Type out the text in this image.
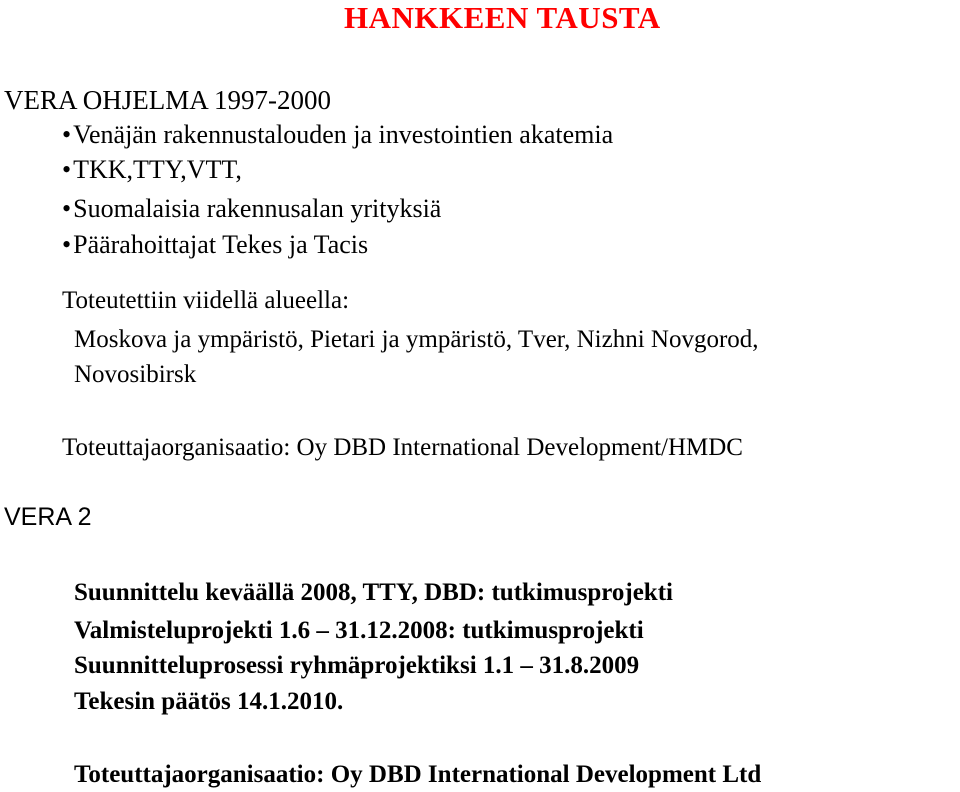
HANKKEEN TAUSTA
VERA OHJELMA 1997-2000
•Venäjän rakennustalouden ja investointien akatemia
•TKK,TTY,VTT,
•Suomalaisia rakennusalan yrityksiä
•Päärahoittajat Tekes ja Tacis
Toteutettiin viidellä alueella:
Moskova ja ympäristö, Pietari ja ympäristö, Tver, Nizhni Novgorod,
Novosibirsk
Toteuttajaorganisaatio: Oy DBD International Development/HMDC
VERA 2
Suunnittelu keväällä 2008, TTY, DBD: tutkimusprojekti
Valmisteluprojekti 1.6 – 31.12.2008: tutkimusprojekti
Suunnitteluprosessi ryhmäprojektiksi 1.1 – 31.8.2009
Tekesin päätös 14.1.2010.
Toteuttajaorganisaatio: Oy DBD International Development Ltd
